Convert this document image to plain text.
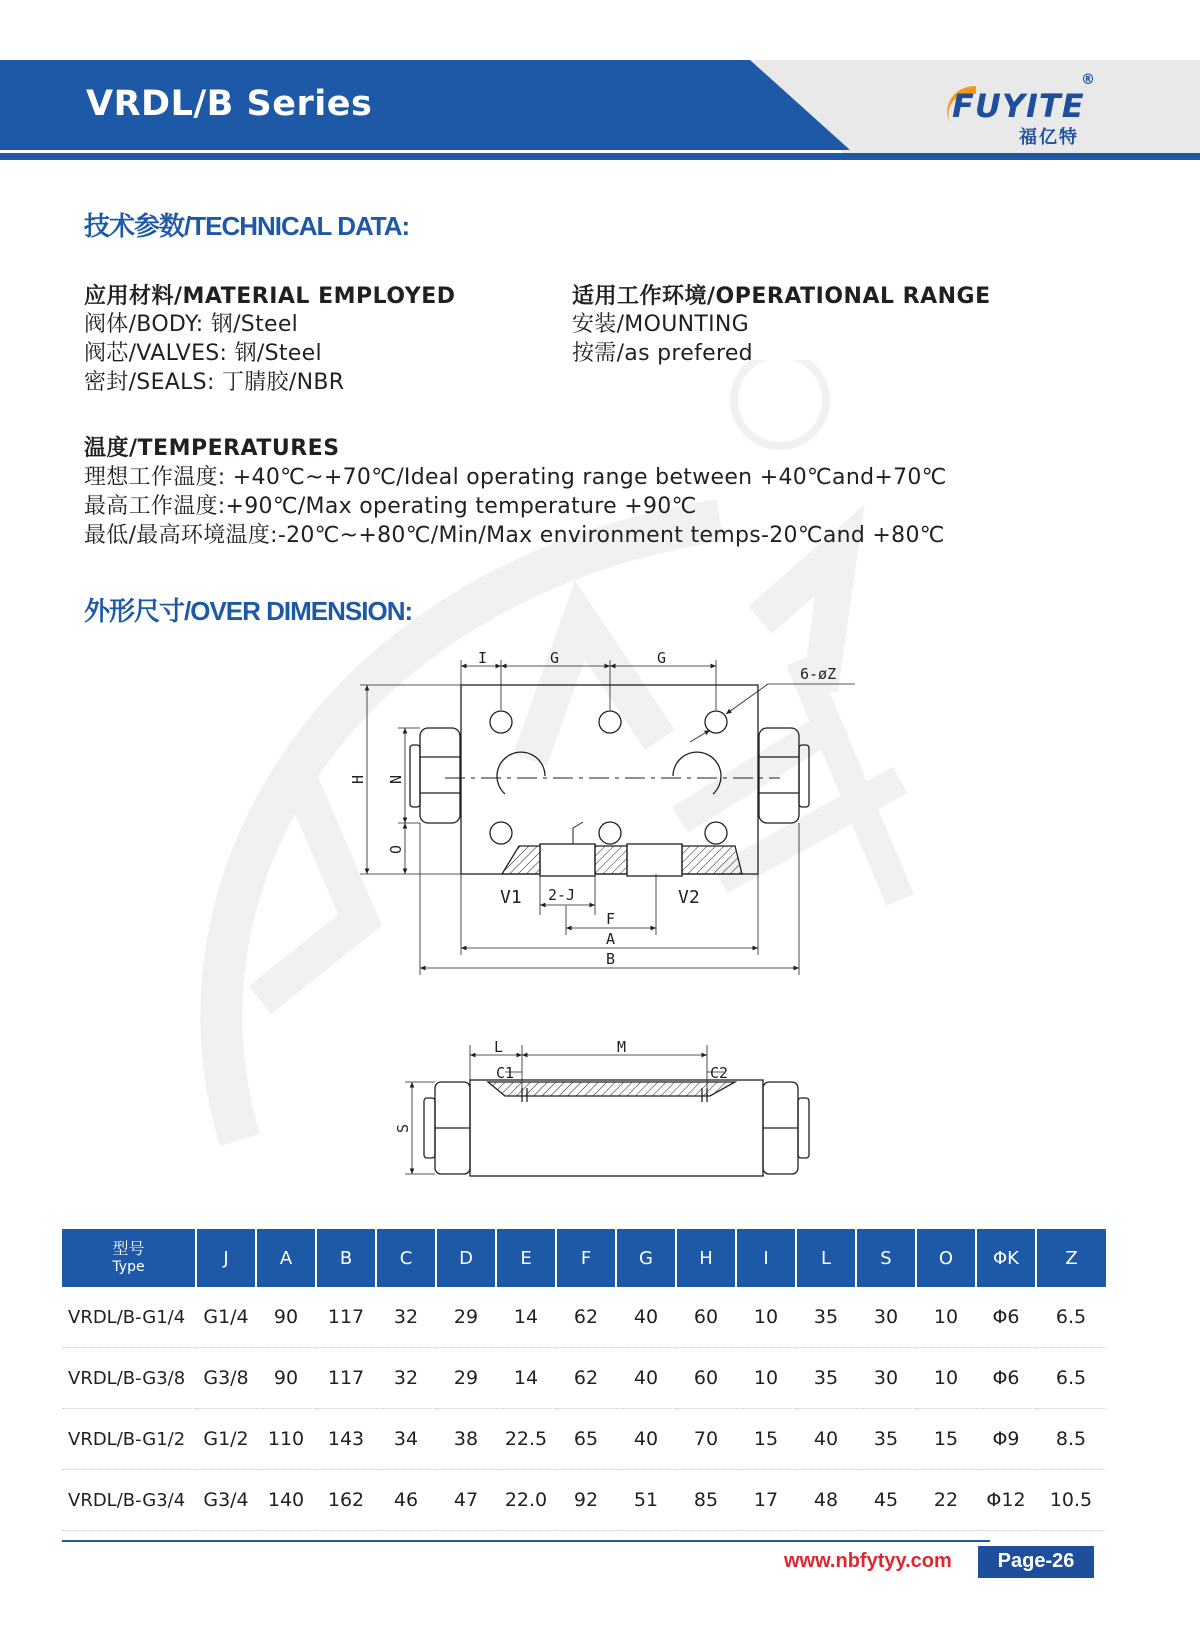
VRDL/B Series	FUYITE
®
福亿特
技术参数/TECHNICAL DATA:
应用材料/MATERIAL EMPLOYED
阀体/BODY: 钢/Steel
阀芯/VALVES: 钢/Steel
密封/SEALS: 丁腈胶/NBR
适用工作环境/OPERATIONAL RANGE
安装/MOUNTING
按需/as prefered
温度/TEMPERATURES
理想工作温度: +40℃~+70℃/Ideal operating range between +40℃and+70℃
最高工作温度:+90℃/Max operating temperature +90℃
最低/最高环境温度:-20℃~+80℃/Min/Max environment temps-20℃and +80℃
外形尺寸/OVER DIMENSION:
I	G	G
6-øZ
H N
O
V1	V2
2-J
F
A
B
L	M
C1	C2
S
型号
Type	J	A	B	C	D	E	F	G	H	I	L	S	O	ΦK	Z
VRDL/B-G1/4	G1/4	90	117	32	29	14	62	40	60	10	35	30	10	Φ6	6.5
VRDL/B-G3/8	G3/8	90	117	32	29	14	62	40	60	10	35	30	10	Φ6	6.5
VRDL/B-G1/2	G1/2	110	143	34	38	22.5	65	40	70	15	40	35	15	Φ9	8.5
VRDL/B-G3/4	G3/4	140	162	46	47	22.0	92	51	85	17	48	45	22	Φ12	10.5
www.nbfytyy.com	Page-26
